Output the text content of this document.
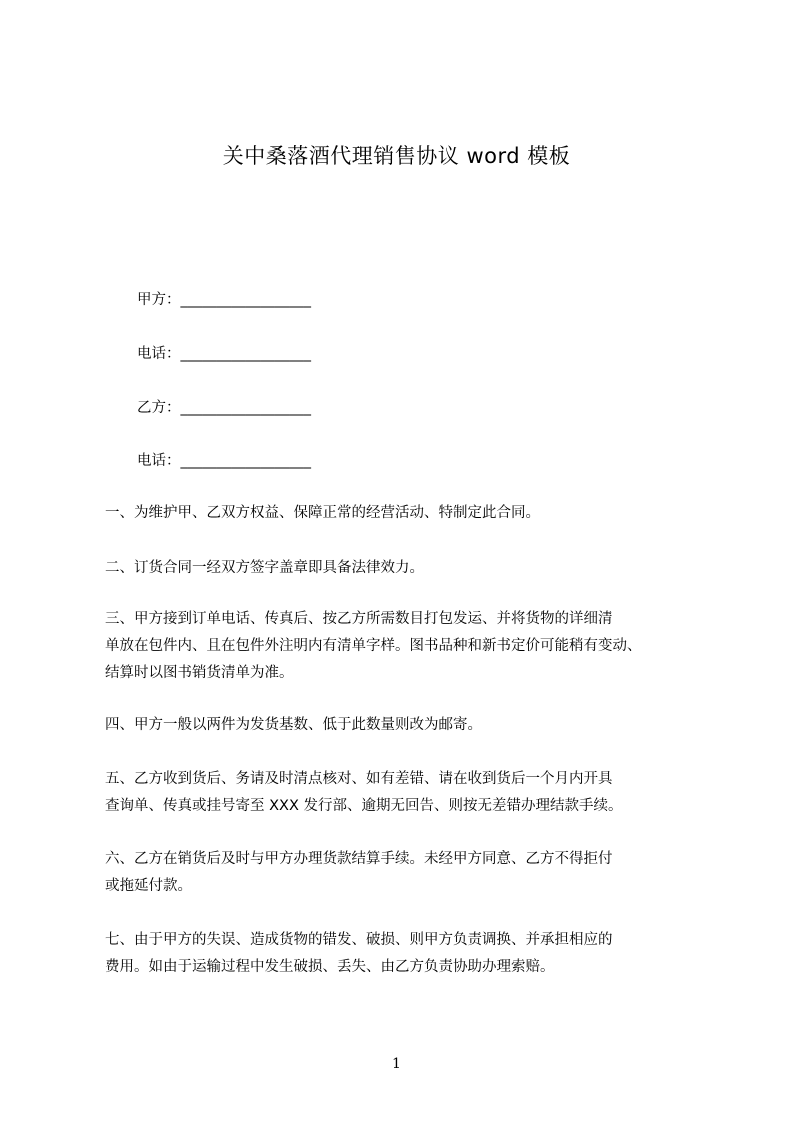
关中桑落酒代理销售协议 word 模板
甲方：__________________
电话：__________________
乙方：__________________
电话：__________________
一、为维护甲、乙双方权益、保障正常的经营活动、特制定此合同。
二、订货合同一经双方签字盖章即具备法律效力。
三、甲方接到订单电话、传真后、按乙方所需数目打包发运、并将货物的详细清
单放在包件内、且在包件外注明内有清单字样。图书品种和新书定价可能稍有变动、
结算时以图书销货清单为准。
四、甲方一般以两件为发货基数、低于此数量则改为邮寄。
五、乙方收到货后、务请及时清点核对、如有差错、请在收到货后一个月内开具
查询单、传真或挂号寄至 XXX 发行部、逾期无回告、则按无差错办理结款手续。
六、乙方在销货后及时与甲方办理货款结算手续。未经甲方同意、乙方不得拒付
或拖延付款。
七、由于甲方的失误、造成货物的错发、破损、则甲方负责调换、并承担相应的
费用。如由于运输过程中发生破损、丢失、由乙方负责协助办理索赔。
1
